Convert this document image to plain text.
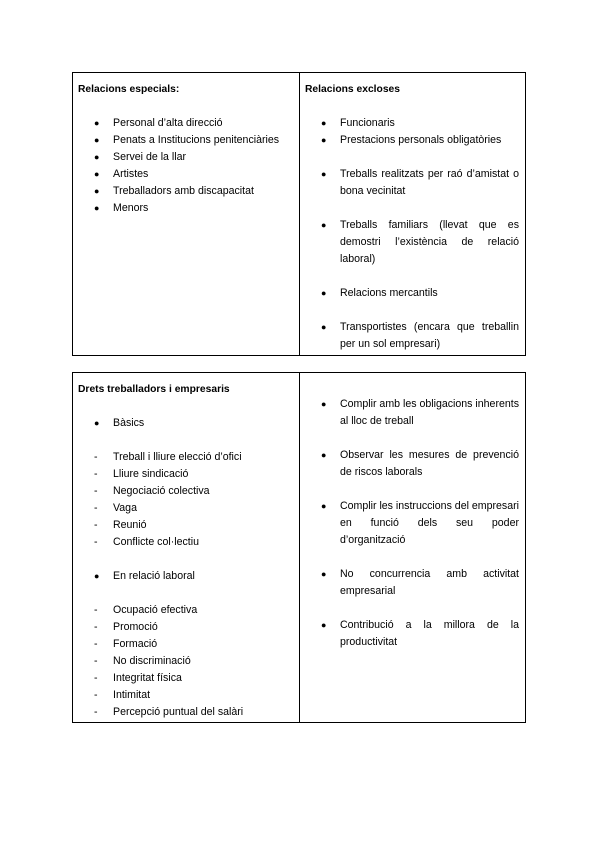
Relacions especials:
● Personal d’alta direcció
● Penats a Institucions penitenciàries
● Servei de la llar
● Artistes
● Treballadors amb discapacitat
● Menors
Relacions excloses
● Funcionaris
● Prestacions personals obligatòries
● Treballs realitzats per raó d’amistat o bona vecinitat
● Treballs familiars (llevat que es demostri l’existència de relació laboral)
● Relacions mercantils
● Transportistes (encara que treballin per un sol empresari)
Drets treballadors i empresaris
● Bàsics
- Treball i lliure elecció d’ofici
- Lliure sindicació
- Negociació colectiva
- Vaga
- Reunió
- Conflicte col·lectiu
● En relació laboral
- Ocupació efectiva
- Promoció
- Formació
- No discriminació
- Integritat física
- Intimitat
- Percepció puntual del salàri
● Complir amb les obligacions inherents al lloc de treball
● Observar les mesures de prevenció de riscos laborals
● Complir les instruccions del empresari en funció dels seu poder d’organització
● No concurrencia amb activitat empresarial
● Contribució a la millora de la productivitat
